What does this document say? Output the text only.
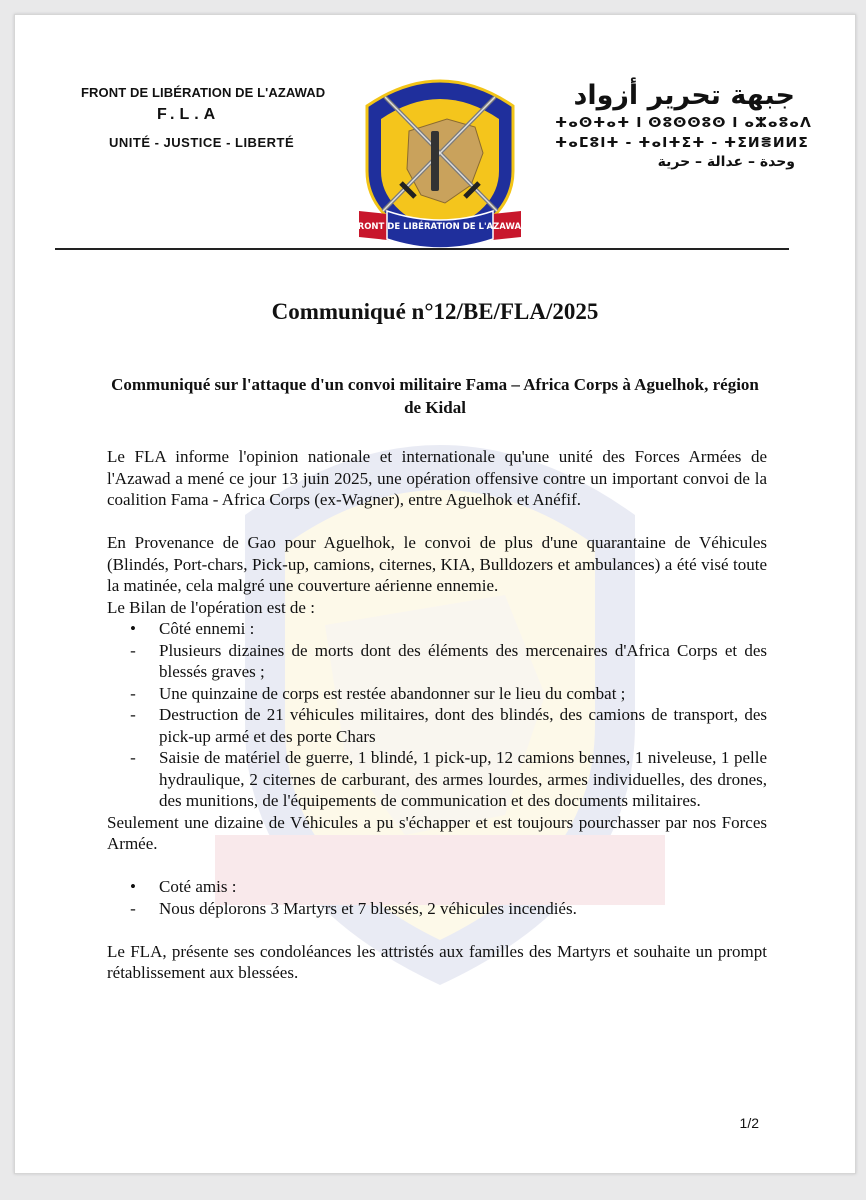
FRONT DE LIBÉRATION DE L'AZAWAD
F.L.A
UNITÉ - JUSTICE - LIBERTÉ
FRONT DE LIBÉRATION DE L'AZAWAD
جبهة تحرير أزواد
ⵜⴰⵙⵜⴰⵜ ⵏ ⵙⵓⵙⵙⵓⵙ ⵏ ⴰⵣⴰⵓⴰⴷ
ⵜⴰⵎⵓⵏⵜ - ⵜⴰⵏⵜⵉⵜ - ⵜⵉⵍⴻⵍⵍⵉ
وحدة – عدالة – حرية
Communiqué n°12/BE/FLA/2025
Communiqué sur l'attaque d'un convoi militaire Fama – Africa Corps à Aguelhok, région de Kidal

Le FLA informe l'opinion nationale et internationale qu'une unité des Forces Armées de l'Azawad a mené ce jour 13 juin 2025, une opération offensive contre un important convoi de la coalition Fama - Africa Corps (ex-Wagner), entre Aguelhok et Anéfif.

En Provenance de Gao pour Aguelhok, le convoi de plus d'une quarantaine de Véhicules (Blindés, Port-chars, Pick-up, camions, citernes, KIA, Bulldozers et ambulances) a été visé toute la matinée, cela malgré une couverture aérienne ennemie.

Le Bilan de l'opération est de :

•	Côté ennemi :
-	Plusieurs dizaines de morts dont des éléments des mercenaires d'Africa Corps et des blessés graves ;
-	Une quinzaine de corps est restée abandonner sur le lieu du combat ;
-	Destruction de 21 véhicules militaires, dont des blindés, des camions de transport, des pick-up armé et des porte Chars
-	Saisie de matériel de guerre, 1 blindé, 1 pick-up, 12 camions bennes, 1 niveleuse, 1 pelle hydraulique, 2 citernes de carburant, des armes lourdes, armes individuelles, des drones, des munitions, de l'équipements de communication et des documents militaires.

Seulement une dizaine de Véhicules a pu s'échapper et est toujours pourchasser par nos Forces Armée.

•	Coté amis :
-	Nous déplorons 3 Martyrs et 7 blessés, 2 véhicules incendiés.

Le FLA, présente ses condoléances les attristés aux familles des Martyrs et souhaite un prompt rétablissement aux blessées.

1/2
